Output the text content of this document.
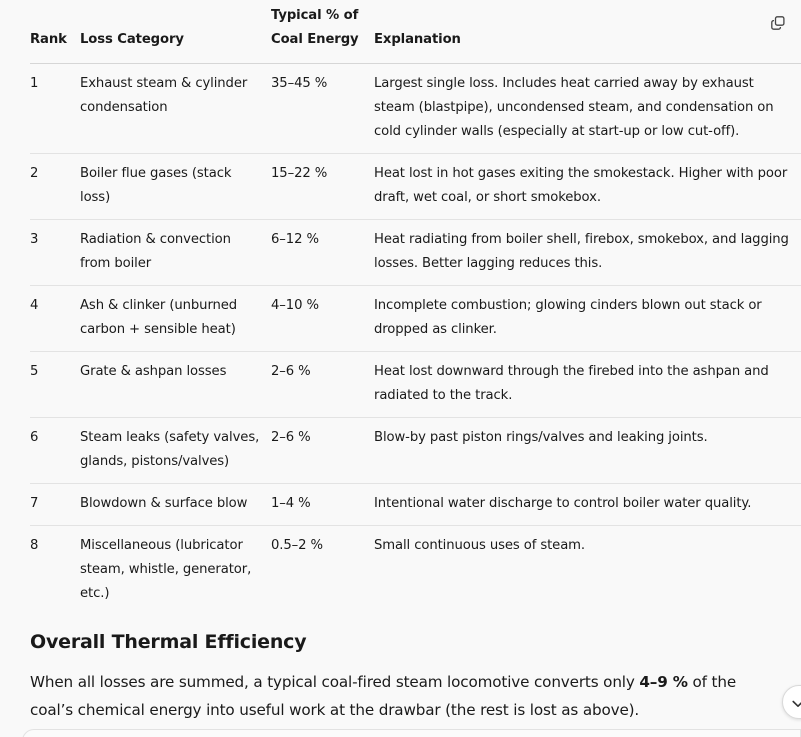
Rank	Loss Category	Typical % of Coal Energy	Explanation
1	Exhaust steam & cylinder condensation	35–45 %	Largest single loss. Includes heat carried away by exhaust steam (blastpipe), uncondensed steam, and condensation on cold cylinder walls (especially at start-up or low cut-off).
2	Boiler flue gases (stack loss)	15–22 %	Heat lost in hot gases exiting the smokestack. Higher with poor draft, wet coal, or short smokebox.
3	Radiation & convection from boiler	6–12 %	Heat radiating from boiler shell, firebox, smokebox, and lagging losses. Better lagging reduces this.
4	Ash & clinker (unburned carbon + sensible heat)	4–10 %	Incomplete combustion; glowing cinders blown out stack or dropped as clinker.
5	Grate & ashpan losses	2–6 %	Heat lost downward through the firebed into the ashpan and radiated to the track.
6	Steam leaks (safety valves, glands, pistons/valves)	2–6 %	Blow-by past piston rings/valves and leaking joints.
7	Blowdown & surface blow	1–4 %	Intentional water discharge to control boiler water quality.
8	Miscellaneous (lubricator steam, whistle, generator, etc.)	0.5–2 %	Small continuous uses of steam.
Overall Thermal Efficiency

When all losses are summed, a typical coal-fired steam locomotive converts only 4–9 % of the coal’s chemical energy into useful work at the drawbar (the rest is lost as above).
